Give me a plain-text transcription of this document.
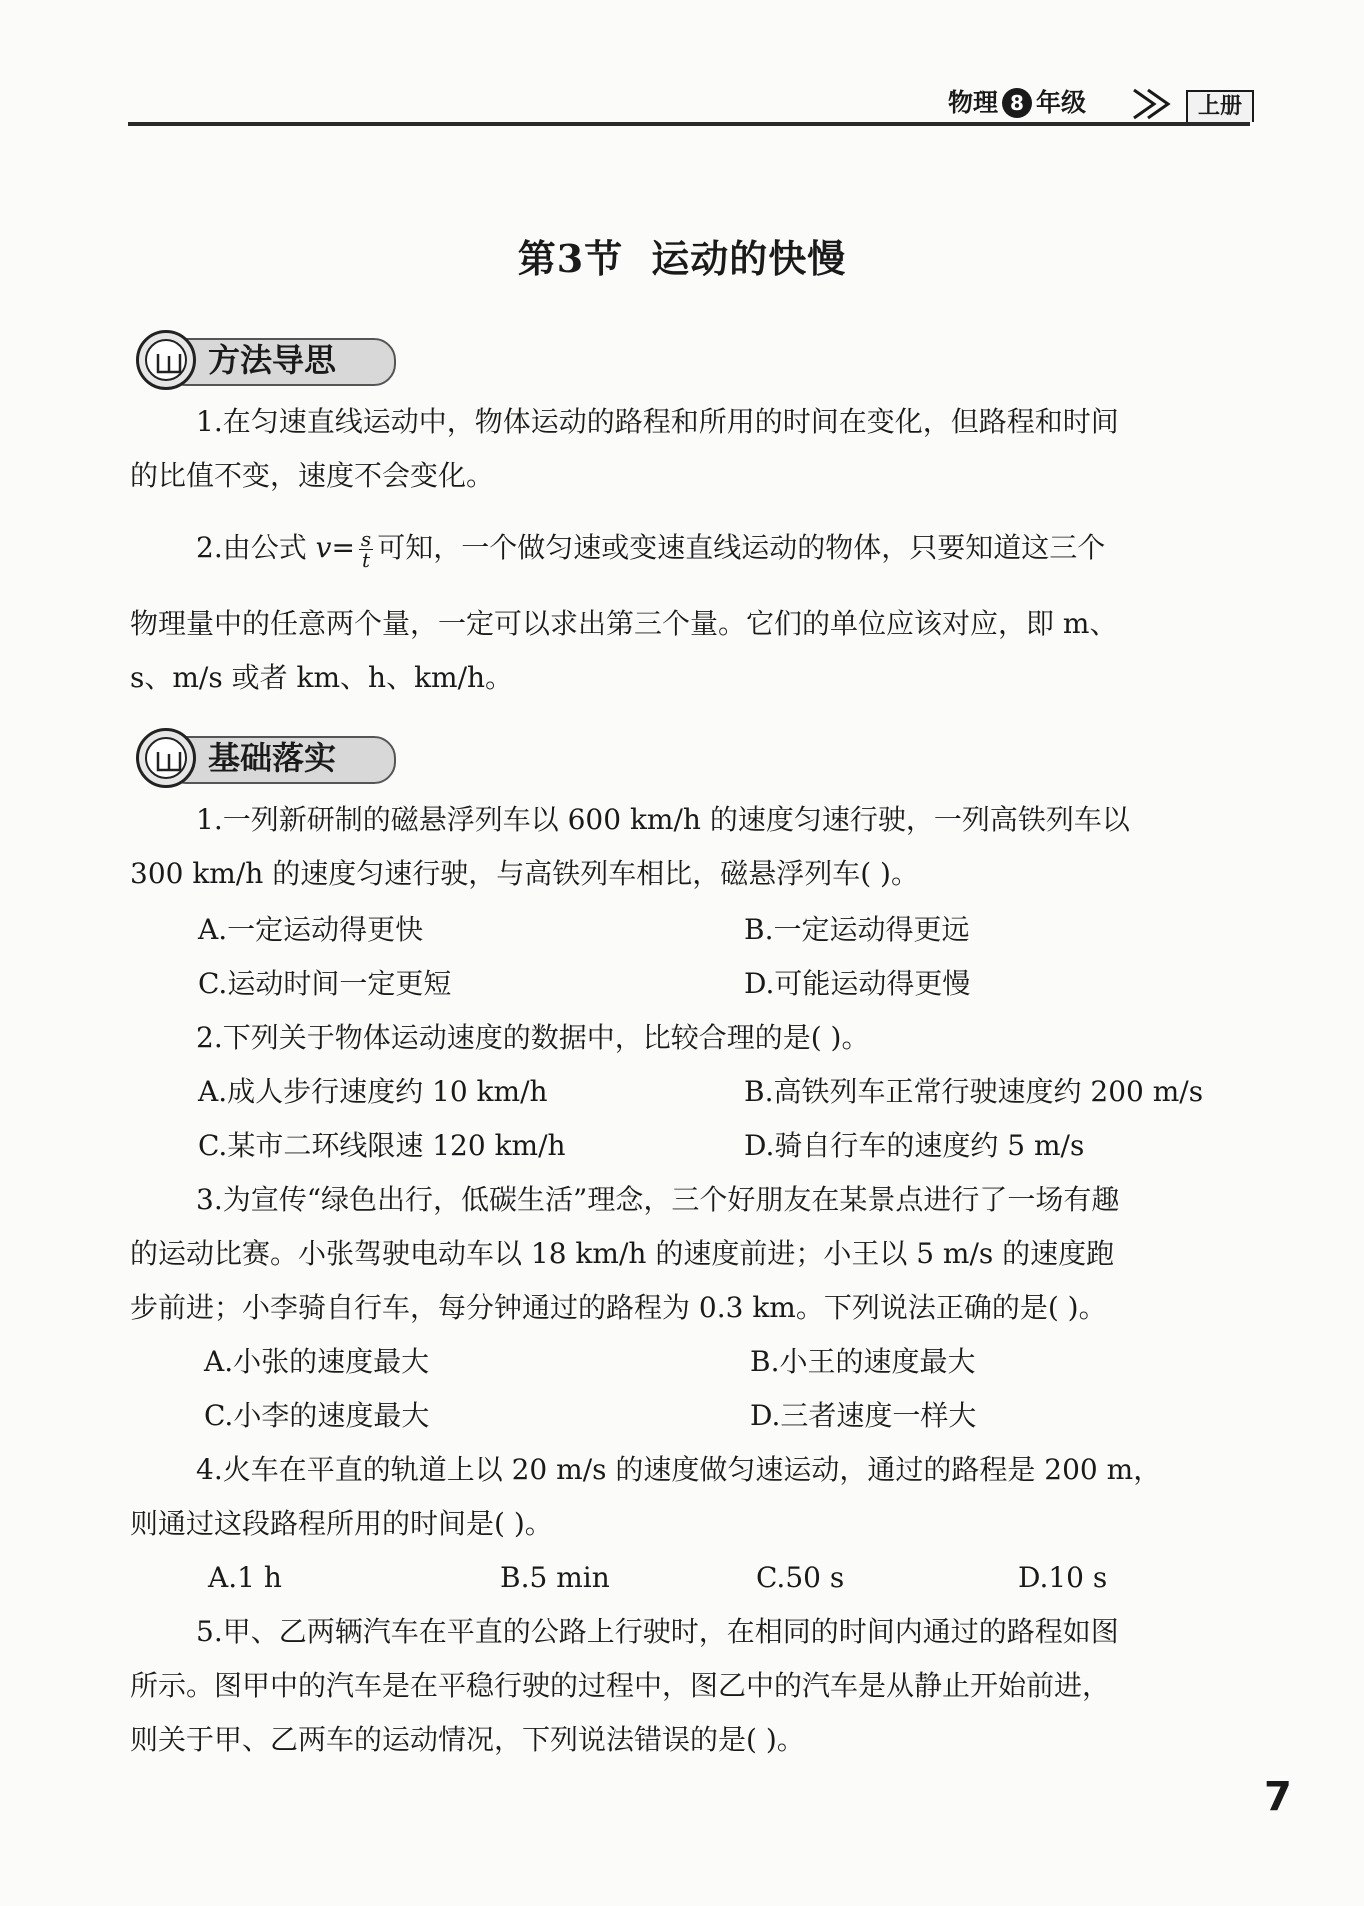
物理 8 年级	上册
第3节 运动的快慢
方法导思
1.在匀速直线运动中，物体运动的路程和所用的时间在变化，但路程和时间
的比值不变，速度不会变化。
2.由公式 $v= \frac{s}{t}$ 可知，一个做匀速或变速直线运动的物体，只要知道这三个
物理量中的任意两个量，一定可以求出第三个量。它们的单位应该对应，即 m、
s、m/s 或者 km、h、km/h。
基础落实
1.一列新研制的磁悬浮列车以 600 km/h 的速度匀速行驶，一列高铁列车以
300 km/h 的速度匀速行驶，与高铁列车相比，磁悬浮列车( )。
A.一定运动得更快	B.一定运动得更远
C.运动时间一定更短	D.可能运动得更慢
2.下列关于物体运动速度的数据中，比较合理的是( )。
A.成人步行速度约 10 km/h	B.高铁列车正常行驶速度约 200 m/s
C.某市二环线限速 120 km/h	D.骑自行车的速度约 5 m/s
3.为宣传“绿色出行，低碳生活”理念，三个好朋友在某景点进行了一场有趣
的运动比赛。小张驾驶电动车以 18 km/h 的速度前进；小王以 5 m/s 的速度跑
步前进；小李骑自行车，每分钟通过的路程为 0.3 km。下列说法正确的是( )。
A.小张的速度最大	B.小王的速度最大
C.小李的速度最大	D.三者速度一样大
4.火车在平直的轨道上以 20 m/s 的速度做匀速运动，通过的路程是 200 m，
则通过这段路程所用的时间是( )。
A.1 h	B.5 min	C.50 s	D.10 s
5.甲、乙两辆汽车在平直的公路上行驶时，在相同的时间内通过的路程如图
所示。图甲中的汽车是在平稳行驶的过程中，图乙中的汽车是从静止开始前进，
则关于甲、乙两车的运动情况，下列说法错误的是( )。
7
